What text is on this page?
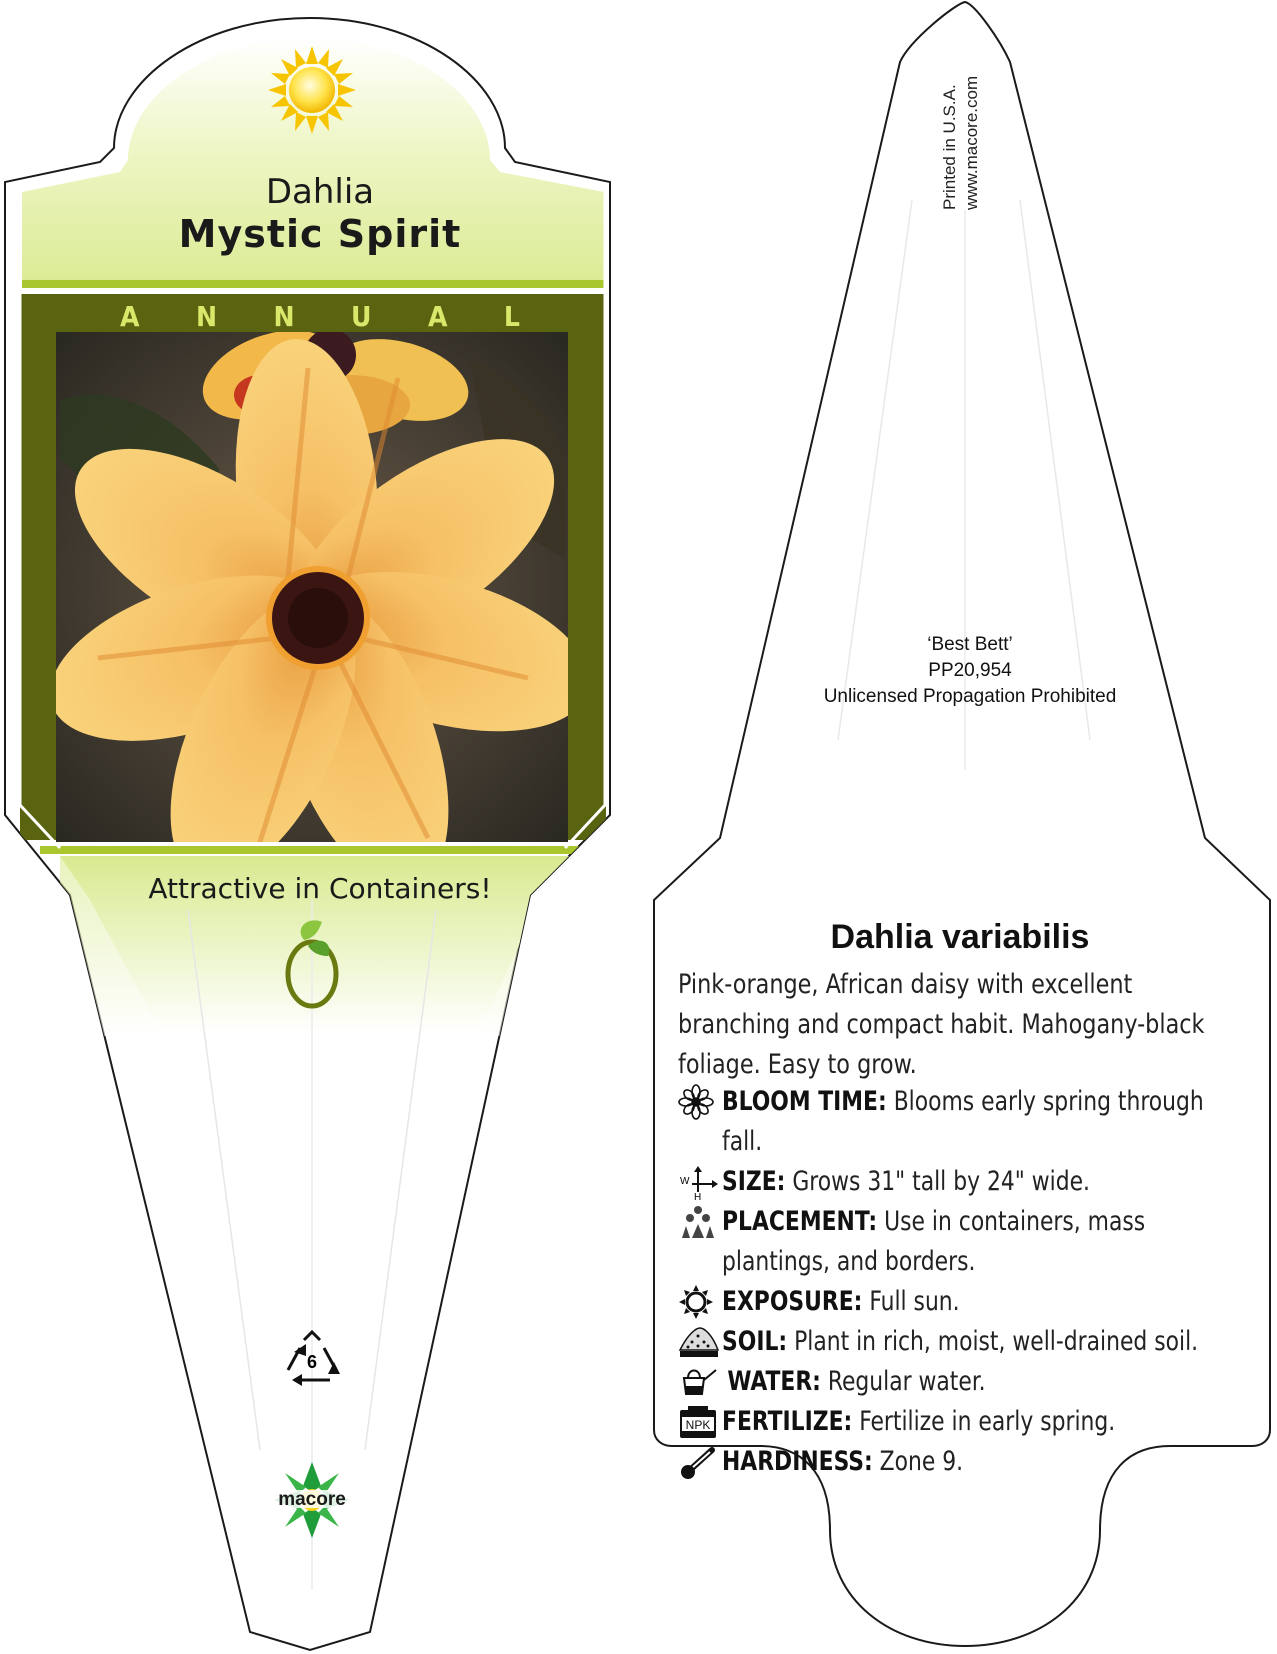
Dahlia
Mystic Spirit
A N N U A L
Attractive in Containers!
6
macore
Printed in U.S.A. www.macore.com
‘Best Bett’
PP20,954
Unlicensed Propagation Prohibited
Dahlia variabilis
Pink-orange, African daisy with excellent branching and compact habit. Mahogany-black foliage. Easy to grow.
BLOOM TIME: Blooms early spring through fall.
W
H
SIZE: Grows 31" tall by 24" wide.
PLACEMENT: Use in containers, mass plantings, and borders.
EXPOSURE: Full sun.
SOIL: Plant in rich, moist, well-drained soil.
WATER: Regular water.
NPK FERTILIZE: Fertilize in early spring.
HARDINESS: Zone 9.
